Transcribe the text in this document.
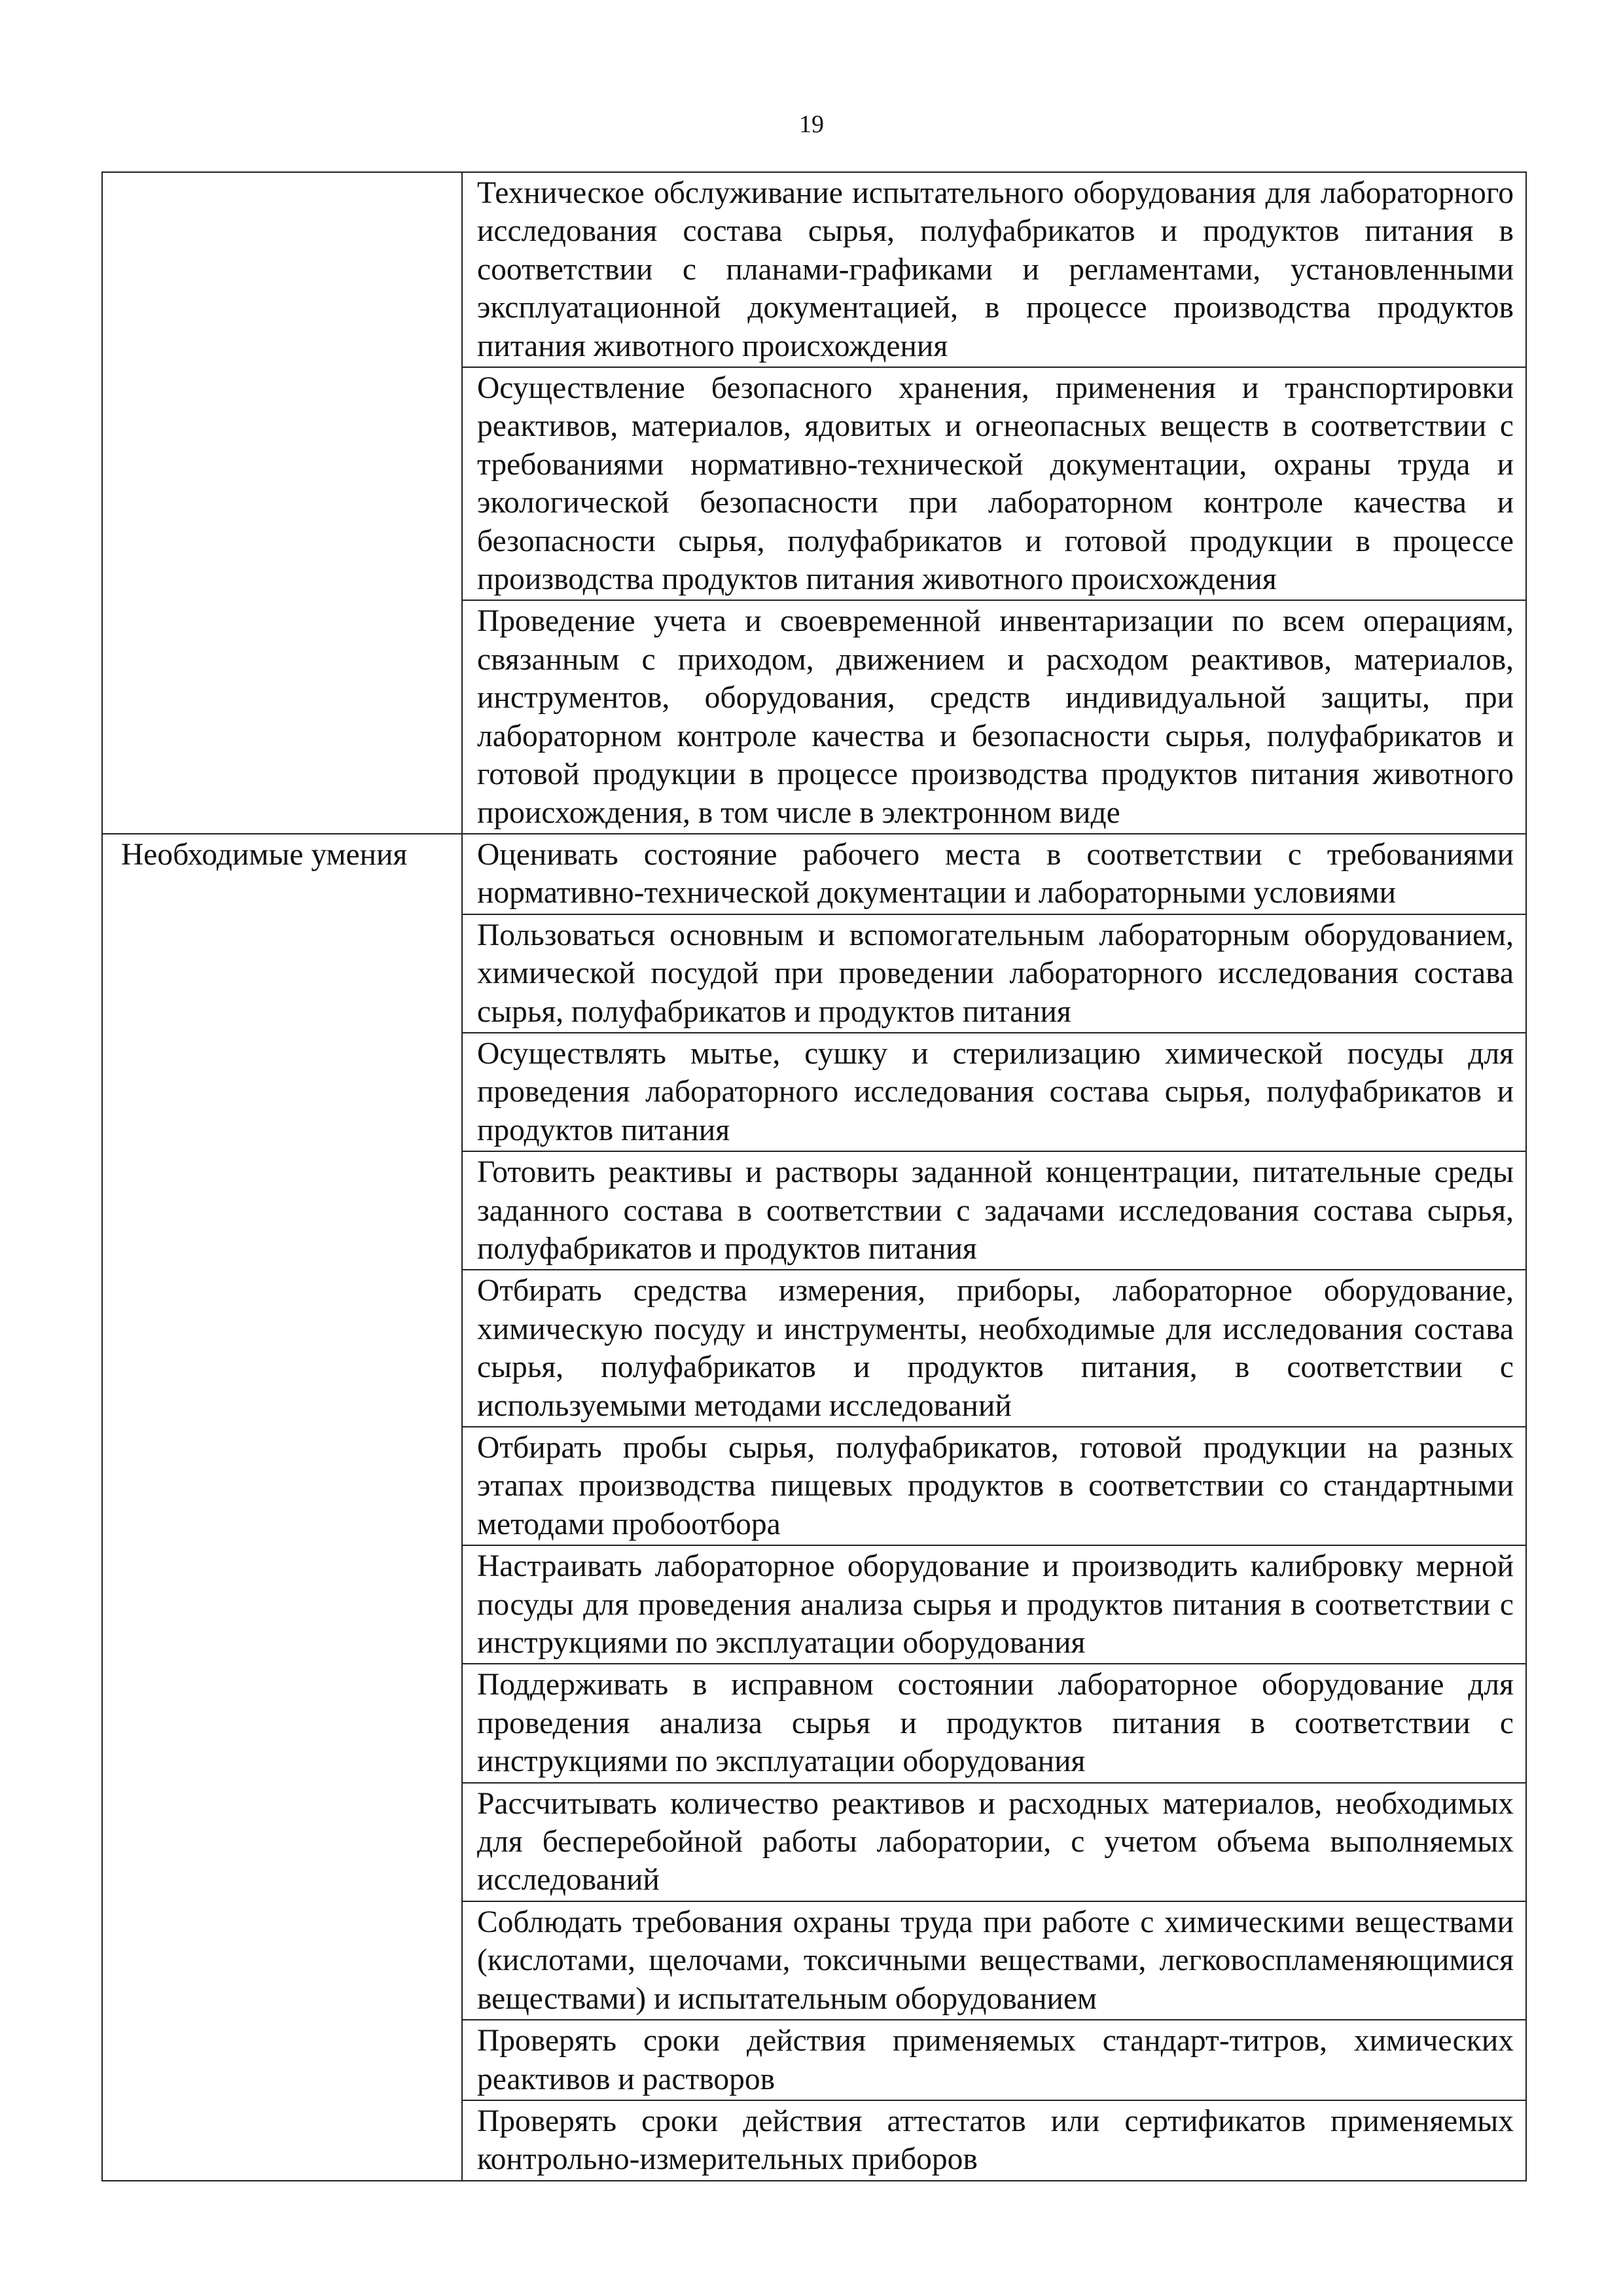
19

	Техническое обслуживание испытательного оборудования для лабораторного исследования состава сырья, полуфабрикатов и продуктов питания в соответствии с планами-графиками и регламентами, установленными эксплуатационной документацией, в процессе производства продуктов питания животного происхождения

	Осуществление безопасного хранения, применения и транспортировки реактивов, материалов, ядовитых и огнеопасных веществ в соответствии с требованиями нормативно-технической документации, охраны труда и экологической безопасности при лабораторном контроле качества и безопасности сырья, полуфабрикатов и готовой продукции в процессе производства продуктов питания животного происхождения

	Проведение учета и своевременной инвентаризации по всем операциям, связанным с приходом, движением и расходом реактивов, материалов, инструментов, оборудования, средств индивидуальной защиты, при лабораторном контроле качества и безопасности сырья, полуфабрикатов и готовой продукции в процессе производства продуктов питания животного происхождения, в том числе в электронном виде

Необходимые умения	Оценивать состояние рабочего места в соответствии с требованиями нормативно-технической документации и лабораторными условиями

	Пользоваться основным и вспомогательным лабораторным оборудованием, химической посудой при проведении лабораторного исследования состава сырья, полуфабрикатов и продуктов питания

	Осуществлять мытье, сушку и стерилизацию химической посуды для проведения лабораторного исследования состава сырья, полуфабрикатов и продуктов питания

	Готовить реактивы и растворы заданной концентрации, питательные среды заданного состава в соответствии с задачами исследования состава сырья, полуфабрикатов и продуктов питания

	Отбирать средства измерения, приборы, лабораторное оборудование, химическую посуду и инструменты, необходимые для исследования состава сырья, полуфабрикатов и продуктов питания, в соответствии с используемыми методами исследований

	Отбирать пробы сырья, полуфабрикатов, готовой продукции на разных этапах производства пищевых продуктов в соответствии со стандартными методами пробоотбора

	Настраивать лабораторное оборудование и производить калибровку мерной посуды для проведения анализа сырья и продуктов питания в соответствии с инструкциями по эксплуатации оборудования

	Поддерживать в исправном состоянии лабораторное оборудование для проведения анализа сырья и продуктов питания в соответствии с инструкциями по эксплуатации оборудования

	Рассчитывать количество реактивов и расходных материалов, необходимых для бесперебойной работы лаборатории, с учетом объема выполняемых исследований

	Соблюдать требования охраны труда при работе с химическими веществами (кислотами, щелочами, токсичными веществами, легковоспламеняющимися веществами) и испытательным оборудованием

	Проверять сроки действия применяемых стандарт-титров, химических реактивов и растворов

	Проверять сроки действия аттестатов или сертификатов применяемых контрольно-измерительных приборов
